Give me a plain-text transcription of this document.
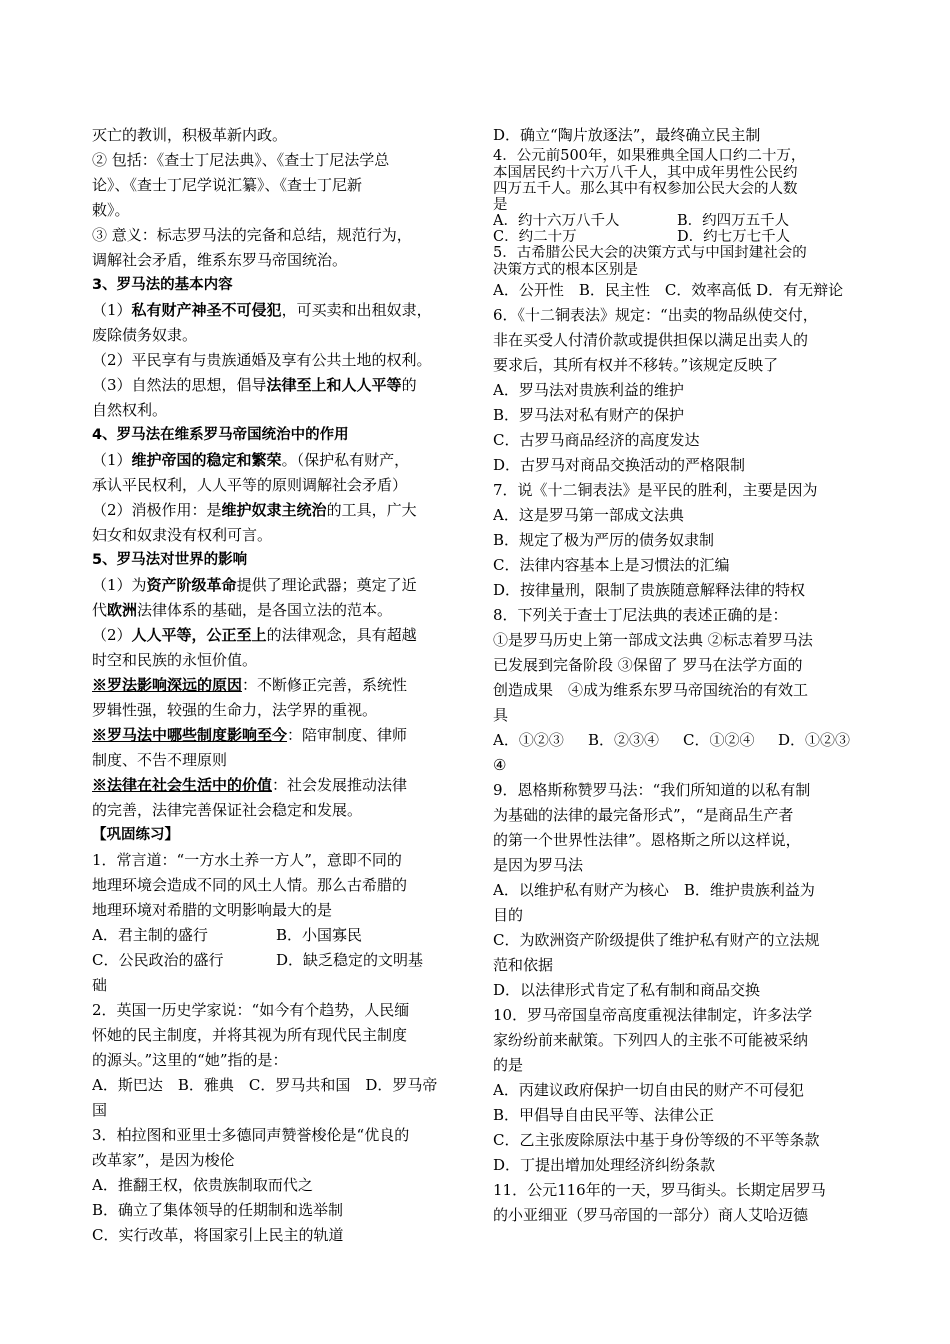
灭亡的教训，积极革新内政。
② 包括：《查士丁尼法典》、《查士丁尼法学总
论》、《查士丁尼学说汇纂》、《查士丁尼新
敕》。
③ 意义：标志罗马法的完备和总结，规范行为，
调解社会矛盾，维系东罗马帝国统治。
3、罗马法的基本内容
（1）私有财产神圣不可侵犯，可买卖和出租奴隶，
废除债务奴隶。
（2）平民享有与贵族通婚及享有公共土地的权利。
（3）自然法的思想，倡导法律至上和人人平等的
自然权利。
4、罗马法在维系罗马帝国统治中的作用
（1）维护帝国的稳定和繁荣。（保护私有财产，
承认平民权利，人人平等的原则调解社会矛盾）
（2）消极作用：是维护奴隶主统治的工具，广大
妇女和奴隶没有权利可言。
5、罗马法对世界的影响
（1）为资产阶级革命提供了理论武器；奠定了近
代欧洲法律体系的基础，是各国立法的范本。
（2）人人平等，公正至上的法律观念，具有超越
时空和民族的永恒价值。
※罗法影响深远的原因：不断修正完善，系统性
罗辑性强，较强的生命力，法学界的重视。
※罗马法中哪些制度影响至今：陪审制度、律师
制度、不告不理原则
※法律在社会生活中的价值：社会发展推动法律
的完善，法律完善保证社会稳定和发展。
【巩固练习】
1．常言道：“一方水土养一方人”，意即不同的
地理环境会造成不同的风土人情。那么古希腊的
地理环境对希腊的文明影响最大的是
A．君主制的盛行	B．小国寡民
C．公民政治的盛行	D．缺乏稳定的文明基
础
2．英国一历史学家说：“如今有个趋势，人民缅
怀她的民主制度，并将其视为所有现代民主制度
的源头。”这里的“她”指的是：
A．斯巴达　B．雅典　C．罗马共和国　D．罗马帝
国
3．柏拉图和亚里士多德同声赞誉梭伦是“优良的
改革家”，是因为梭伦
A．推翻王权，依贵族制取而代之
B．确立了集体领导的任期制和选举制
C．实行改革，将国家引上民主的轨道
D．确立“陶片放逐法”，最终确立民主制
4．公元前500年，如果雅典全国人口约二十万，
本国居民约十六万八千人，其中成年男性公民约
四万五千人。那么其中有权参加公民大会的人数
是
A．约十六万八千人	B．约四万五千人
C．约二十万	D．约七万七千人
5．古希腊公民大会的决策方式与中国封建社会的
决策方式的根本区别是
A．公开性　B．民主性　C．效率高低 D．有无辩论
6．《十二铜表法》规定：“出卖的物品纵使交付，
非在买受人付清价款或提供担保以满足出卖人的
要求后，其所有权并不移转。”该规定反映了
A．罗马法对贵族利益的维护
B．罗马法对私有财产的保护
C．古罗马商品经济的高度发达
D．古罗马对商品交换活动的严格限制
7．说《十二铜表法》是平民的胜利，主要是因为
A．这是罗马第一部成文法典
B．规定了极为严厉的债务奴隶制
C．法律内容基本上是习惯法的汇编
D．按律量刑，限制了贵族随意解释法律的特权
8．下列关于查士丁尼法典的表述正确的是：
①是罗马历史上第一部成文法典 ②标志着罗马法
已发展到完备阶段 ③保留了 罗马在法学方面的
创造成果　④成为维系东罗马帝国统治的有效工
具
A．①②③ B．②③④ C．①②④ D．①②③
④
9．恩格斯称赞罗马法：“我们所知道的以私有制
为基础的法律的最完备形式”，“是商品生产者
的第一个世界性法律”。恩格斯之所以这样说，
是因为罗马法
A．以维护私有财产为核心　B．维护贵族利益为
目的
C．为欧洲资产阶级提供了维护私有财产的立法规
范和依据
D．以法律形式肯定了私有制和商品交换
10．罗马帝国皇帝高度重视法律制定，许多法学
家纷纷前来献策。下列四人的主张不可能被采纳
的是
A．丙建议政府保护一切自由民的财产不可侵犯
B．甲倡导自由民平等、法律公正
C．乙主张废除原法中基于身份等级的不平等条款
D．丁提出增加处理经济纠纷条款
11．公元116年的一天，罗马街头。长期定居罗马
的小亚细亚（罗马帝国的一部分）商人艾哈迈德
